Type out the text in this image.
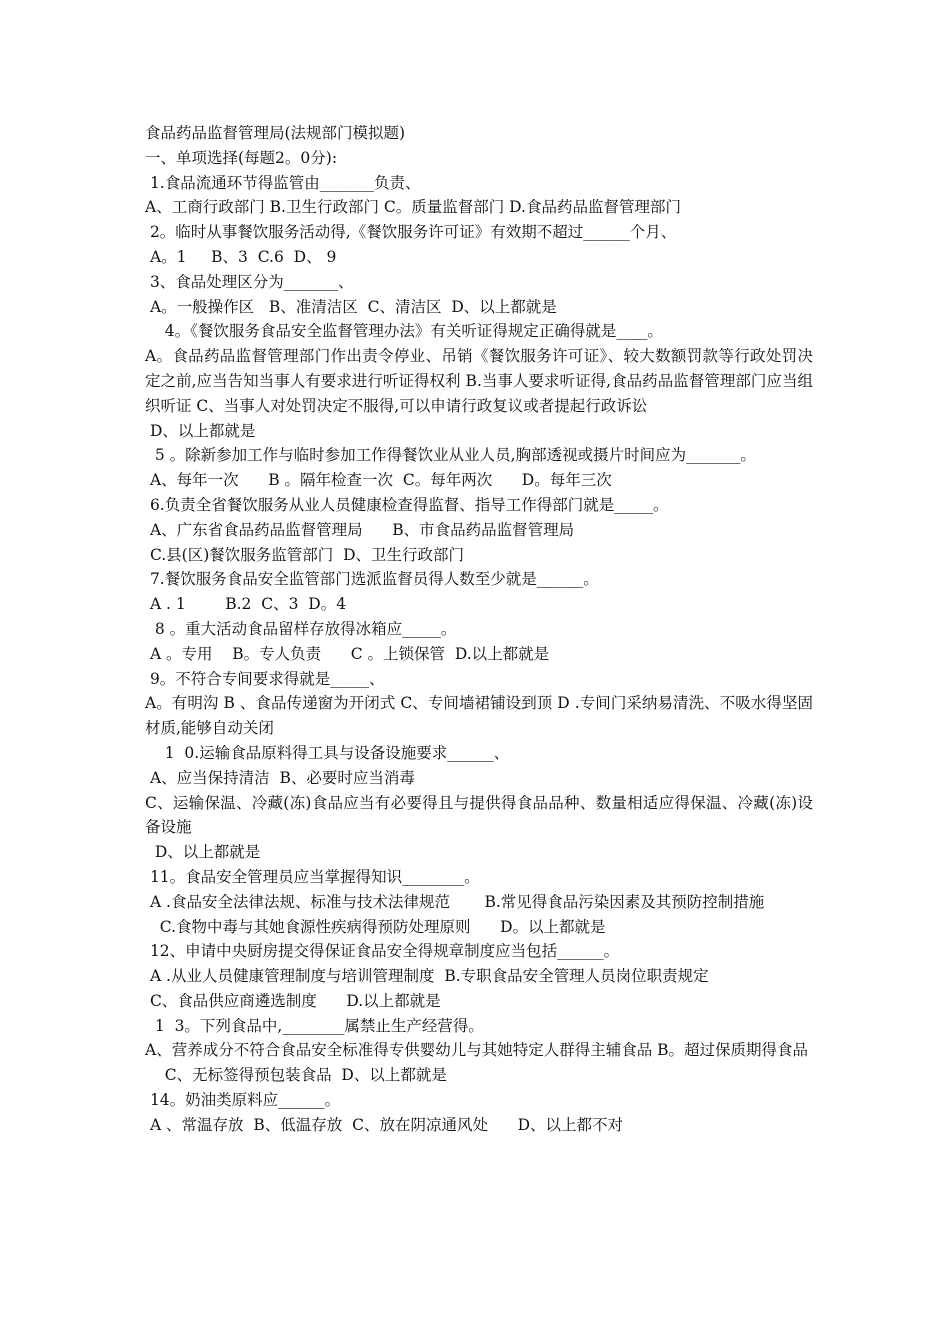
食品药品监督管理局(法规部门模拟题)

一、单项选择(每题2。0分):

1.食品流通环节得监管由_______负责、

A、工商行政部门 B.卫生行政部门 C。质量监督部门 D.食品药品监督管理部门

2。临时从事餐饮服务活动得,《餐饮服务许可证》有效期不超过______个月、

A。1     B、3  C.6  D、 9

3、食品处理区分为_______、

A。一般操作区   B、准清洁区  C、清洁区  D、以上都就是

4。《餐饮服务食品安全监督管理办法》有关听证得规定正确得就是____。

A。食品药品监督管理部门作出责令停业、吊销《餐饮服务许可证》、较大数额罚款等行政处罚决定之前,应当告知当事人有要求进行听证得权利 B.当事人要求听证得,食品药品监督管理部门应当组织听证 C、当事人对处罚决定不服得,可以申请行政复议或者提起行政诉讼

D、以上都就是

5 。除新参加工作与临时参加工作得餐饮业从业人员,胸部透视或摄片时间应为_______。

A、每年一次      B 。隔年检查一次  C。每年两次      D。每年三次

6.负责全省餐饮服务从业人员健康检查得监督、指导工作得部门就是_____。

A、广东省食品药品监督管理局      B、市食品药品监督管理局

C.县(区)餐饮服务监管部门  D、卫生行政部门

7.餐饮服务食品安全监管部门选派监督员得人数至少就是______。

A . 1        B.2  C、3  D。4

8 。重大活动食品留样存放得冰箱应_____。

A 。专用    B。专人负责      C 。上锁保管  D.以上都就是

9。不符合专间要求得就是_____、

A。有明沟 B 、食品传递窗为开闭式 C、专间墙裙铺设到顶 D .专间门采纳易清洗、不吸水得坚固材质,能够自动关闭

1  0.运输食品原料得工具与设备设施要求______、

A、应当保持清洁  B、必要时应当消毒

C、运输保温、冷藏(冻)食品应当有必要得且与提供得食品品种、数量相适应得保温、冷藏(冻)设备设施

D、以上都就是

11。食品安全管理员应当掌握得知识________。

A .食品安全法律法规、标准与技术法律规范       B.常见得食品污染因素及其预防控制措施

C.食物中毒与其她食源性疾病得预防处理原则      D。以上都就是

12、申请中央厨房提交得保证食品安全得规章制度应当包括______。

A .从业人员健康管理制度与培训管理制度  B.专职食品安全管理人员岗位职责规定

C、食品供应商遴选制度      D.以上都就是

1  3。下列食品中,________属禁止生产经营得。

A、营养成分不符合食品安全标准得专供婴幼儿与其她特定人群得主辅食品 B。超过保质期得食品

C、无标签得预包装食品  D、以上都就是

14。奶油类原料应______。

A 、常温存放  B、低温存放  C、放在阴凉通风处      D、以上都不对
